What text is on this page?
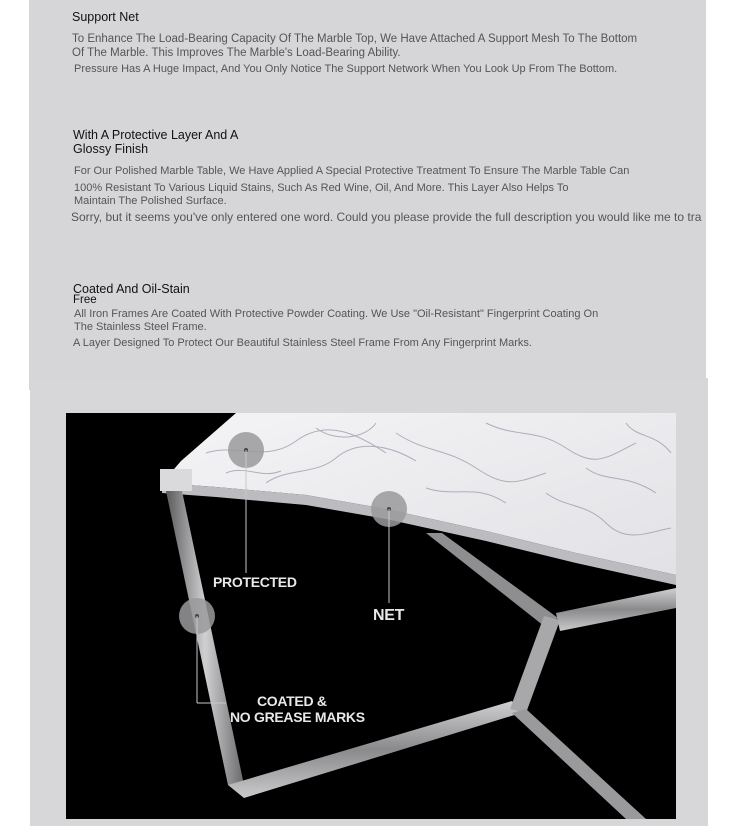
Support Net
To Enhance The Load-Bearing Capacity Of The Marble Top, We Have Attached A Support Mesh To The Bottom
Of The Marble. This Improves The Marble's Load-Bearing Ability.
Pressure Has A Huge Impact, And You Only Notice The Support Network When You Look Up From The Bottom.
With A Protective Layer And A
Glossy Finish
For Our Polished Marble Table, We Have Applied A Special Protective Treatment To Ensure The Marble Table Can
100% Resistant To Various Liquid Stains, Such As Red Wine, Oil, And More. This Layer Also Helps To
Maintain The Polished Surface.
Sorry, but it seems you've only entered one word. Could you please provide the full description you would like me to tra
Coated And Oil-Stain
Free
All Iron Frames Are Coated With Protective Powder Coating. We Use "Oil-Resistant" Fingerprint Coating On
The Stainless Steel Frame.
A Layer Designed To Protect Our Beautiful Stainless Steel Frame From Any Fingerprint Marks.
PROTECTED
NET
COATED &
NO GREASE MARKS
